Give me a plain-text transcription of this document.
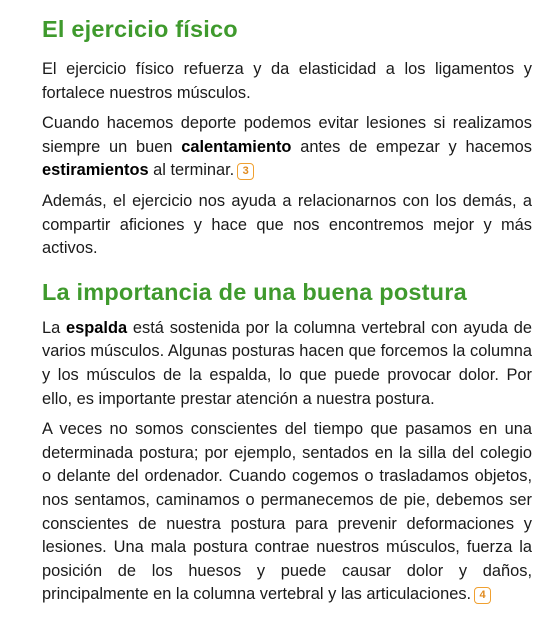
El ejercicio físico

El ejercicio físico refuerza y da elasticidad a los ligamentos y fortalece nuestros músculos.

Cuando hacemos deporte podemos evitar lesiones si realizamos siempre un buen calentamiento antes de empezar y hacemos estiramientos al terminar. 3

Además, el ejercicio nos ayuda a relacionarnos con los demás, a compartir aficiones y hace que nos encontremos mejor y más activos.

La importancia de una buena postura

La espalda está sostenida por la columna vertebral con ayuda de varios músculos. Algunas posturas hacen que forcemos la columna y los músculos de la espalda, lo que puede provocar dolor. Por ello, es importante prestar atención a nuestra postura.

A veces no somos conscientes del tiempo que pasamos en una determinada postura; por ejemplo, sentados en la silla del colegio o delante del ordenador. Cuando cogemos o trasladamos objetos, nos sentamos, caminamos o permanecemos de pie, debemos ser conscientes de nuestra postura para prevenir deformaciones y lesiones. Una mala postura contrae nuestros músculos, fuerza la posición de los huesos y puede causar dolor y daños, principalmente en la columna vertebral y las articulaciones. 4
